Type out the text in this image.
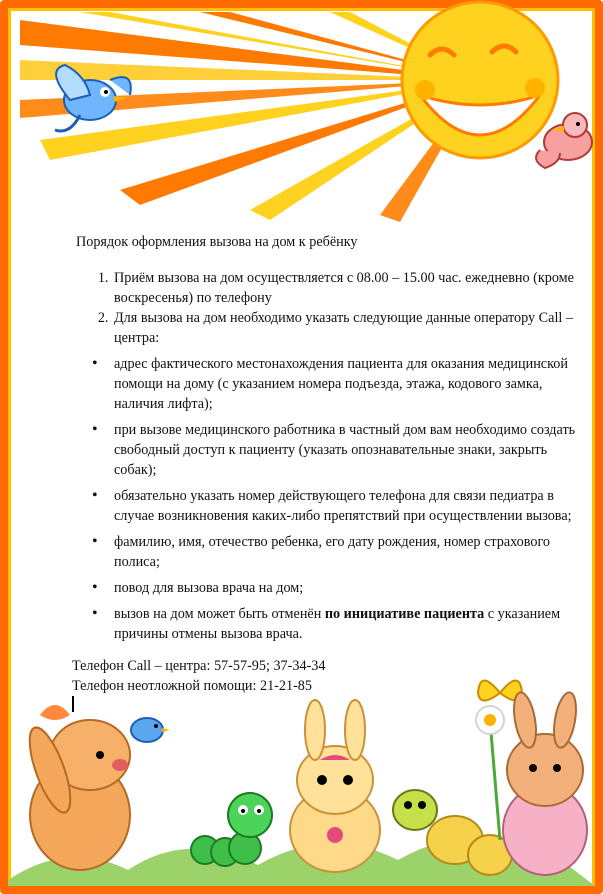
Порядок оформления вызова на дом к ребёнку
1. Приём вызова на дом осуществляется с 08.00 – 15.00 час. ежедневно (кроме воскресенья) по телефону
2. Для вызова на дом необходимо указать следующие данные оператору Call – центра:
• адрес фактического местонахождения пациента для оказания медицинской помощи на дому (с указанием номера подъезда, этажа, кодового замка, наличия лифта);
• при вызове медицинского работника в частный дом вам необходимо создать свободный доступ к пациенту (указать опознавательные знаки, закрыть собак);
• обязательно указать номер действующего телефона для связи педиатра в случае возникновения каких-либо препятствий при осуществлении вызова;
• фамилию, имя, отечество ребенка, его дату рождения, номер страхового полиса;
• повод для вызова врача на дом;
• вызов на дом может быть отменён по инициативе пациента с указанием причины отмены вызова врача.
Телефон Call – центра: 57-57-95; 37-34-34
Телефон неотложной помощи: 21-21-85
